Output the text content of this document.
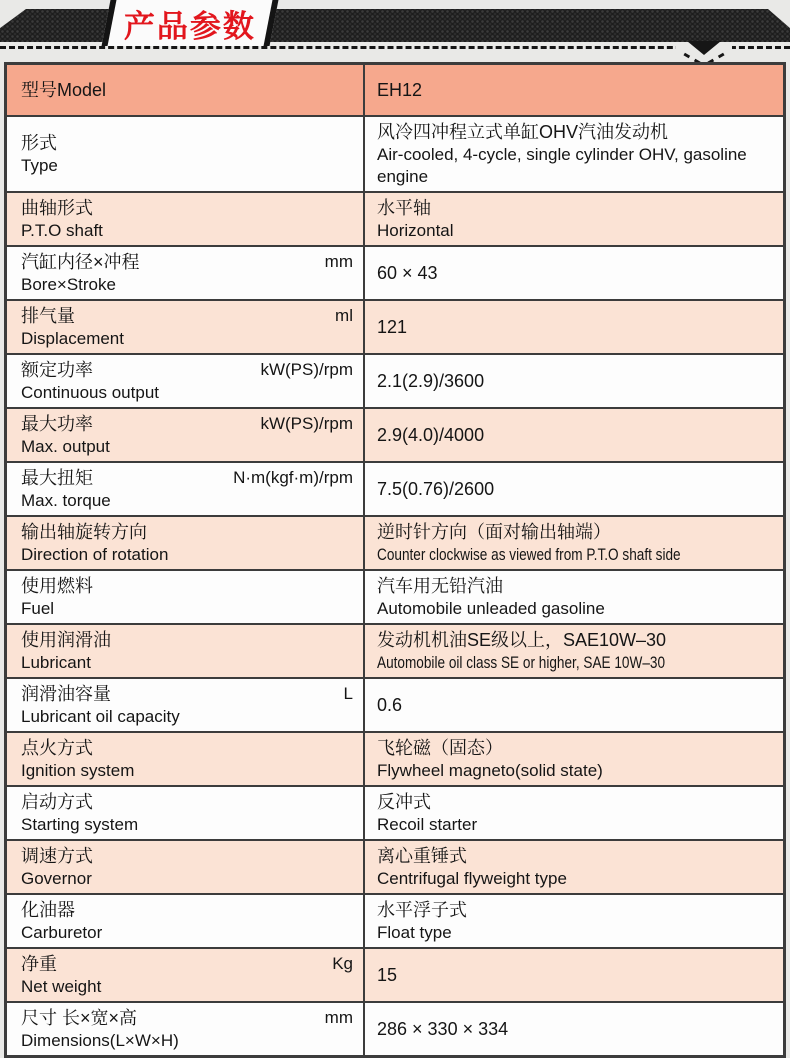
产品参数
型号Model	EH12
形式
Type
风冷四冲程立式单缸OHV汽油发动机
Air-cooled, 4-cycle, single cylinder OHV, gasoline engine
曲轴形式
P.T.O shaft
水平轴
Horizontal
汽缸内径×冲程
Bore×Stroke
mm
60 × 43
排气量
Displacement
ml
121
额定功率
Continuous output
kW(PS)/rpm
2.1(2.9)/3600
最大功率
Max. output
kW(PS)/rpm
2.9(4.0)/4000
最大扭矩
Max. torque
N·m(kgf·m)/rpm
7.5(0.76)/2600
输出轴旋转方向
Direction of rotation
逆时针方向（面对输出轴端）
Counter clockwise as viewed from P.T.O shaft side
使用燃料
Fuel
汽车用无铅汽油
Automobile unleaded gasoline
使用润滑油
Lubricant
发动机机油SE级以上，SAE10W–30
Automobile oil class SE or higher, SAE 10W–30
润滑油容量
Lubricant oil capacity
L
0.6
点火方式
Ignition system
飞轮磁（固态）
Flywheel magneto(solid state)
启动方式
Starting system
反冲式
Recoil starter
调速方式
Governor
离心重锤式
Centrifugal flyweight type
化油器
Carburetor
水平浮子式
Float type
净重
Net weight
Kg
15
尺寸 长×宽×高
Dimensions(L×W×H)
mm
286 × 330 × 334
